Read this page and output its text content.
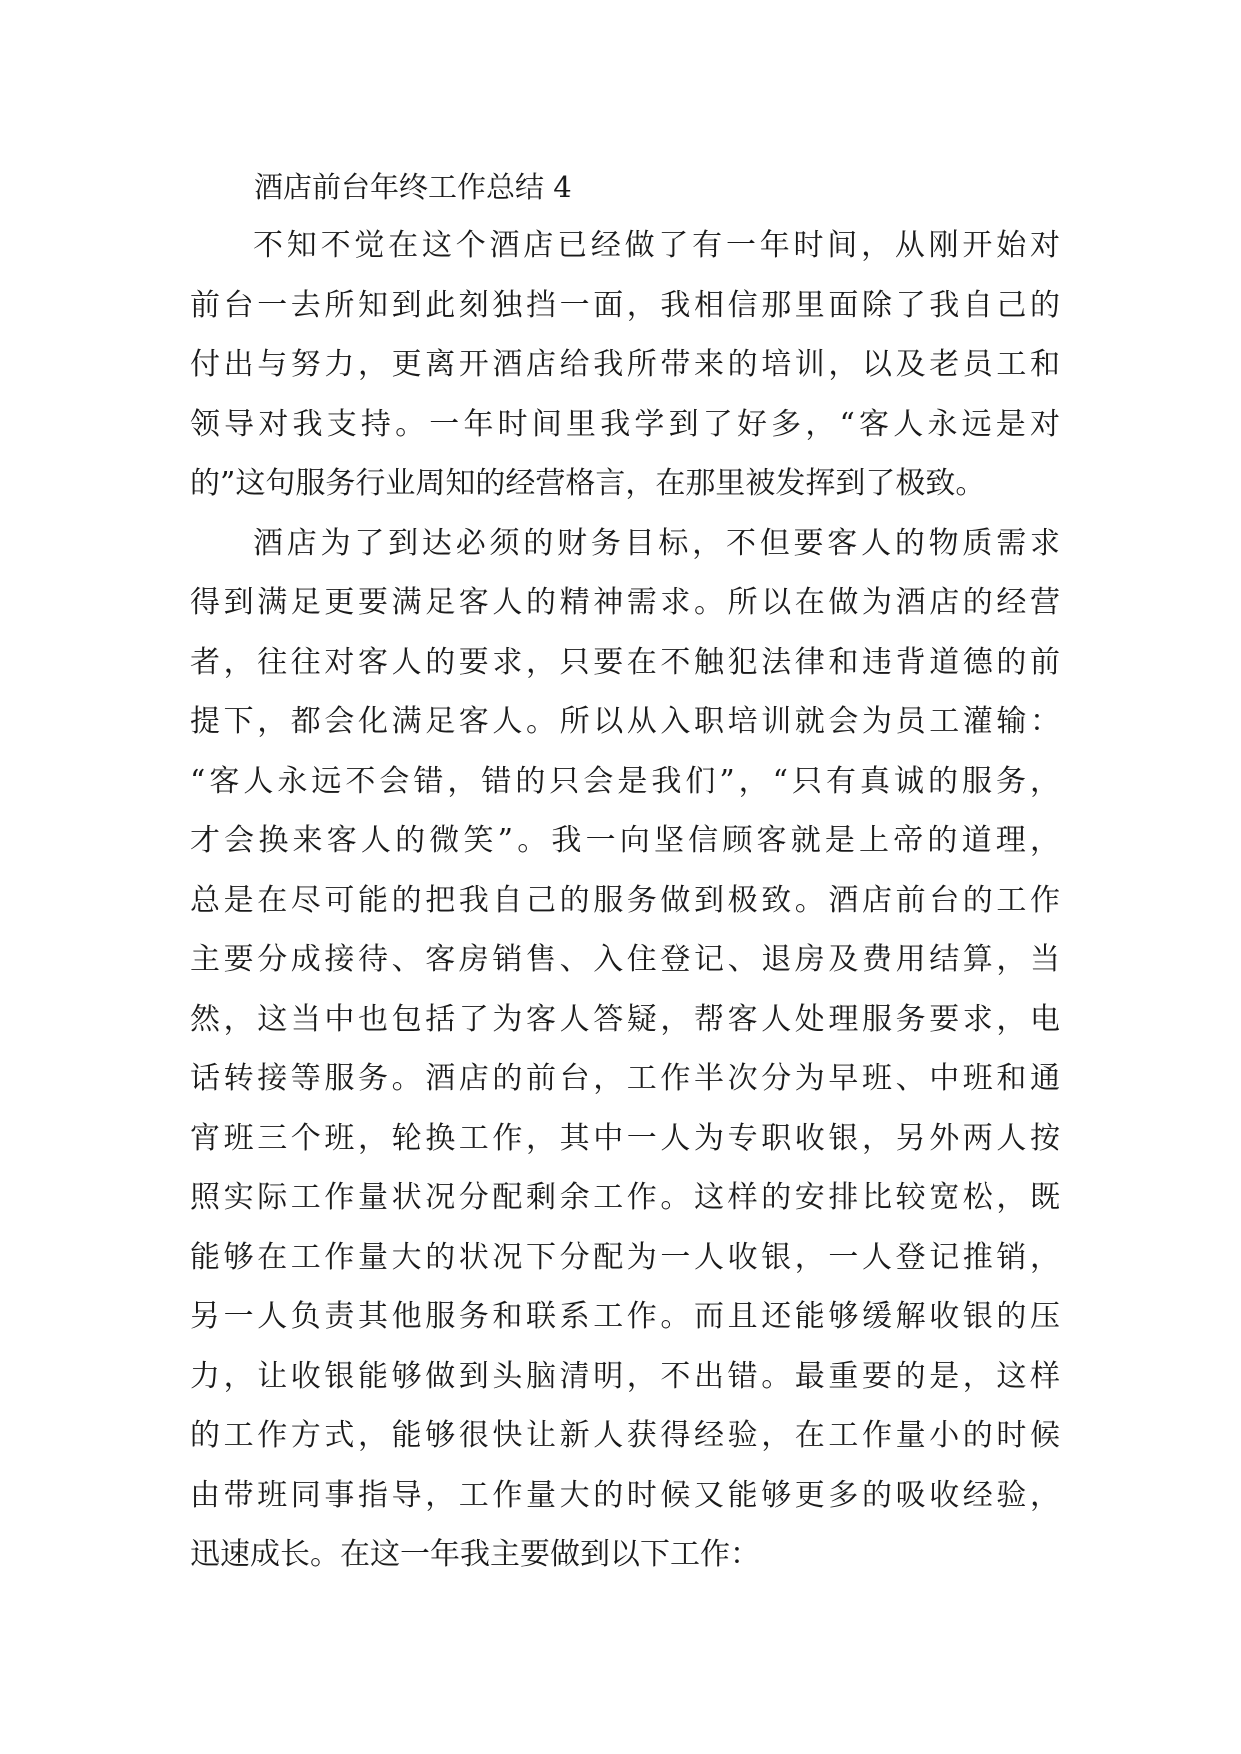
酒店前台年终工作总结 4
不知不觉在这个酒店已经做了有一年时间，从刚开始对
前台一去所知到此刻独挡一面，我相信那里面除了我自己的
付出与努力，更离开酒店给我所带来的培训，以及老员工和
领导对我支持。一年时间里我学到了好多，“客人永远是对
的”这句服务行业周知的经营格言，在那里被发挥到了极致。
酒店为了到达必须的财务目标，不但要客人的物质需求
得到满足更要满足客人的精神需求。所以在做为酒店的经营
者，往往对客人的要求，只要在不触犯法律和违背道德的前
提下，都会化满足客人。所以从入职培训就会为员工灌输：
“客人永远不会错，错的只会是我们”，“只有真诚的服务，
才会换来客人的微笑”。我一向坚信顾客就是上帝的道理，
总是在尽可能的把我自己的服务做到极致。酒店前台的工作
主要分成接待、客房销售、入住登记、退房及费用结算，当
然，这当中也包括了为客人答疑，帮客人处理服务要求，电
话转接等服务。酒店的前台，工作半次分为早班、中班和通
宵班三个班，轮换工作，其中一人为专职收银，另外两人按
照实际工作量状况分配剩余工作。这样的安排比较宽松，既
能够在工作量大的状况下分配为一人收银，一人登记推销，
另一人负责其他服务和联系工作。而且还能够缓解收银的压
力，让收银能够做到头脑清明，不出错。最重要的是，这样
的工作方式，能够很快让新人获得经验，在工作量小的时候
由带班同事指导，工作量大的时候又能够更多的吸收经验，
迅速成长。在这一年我主要做到以下工作：
